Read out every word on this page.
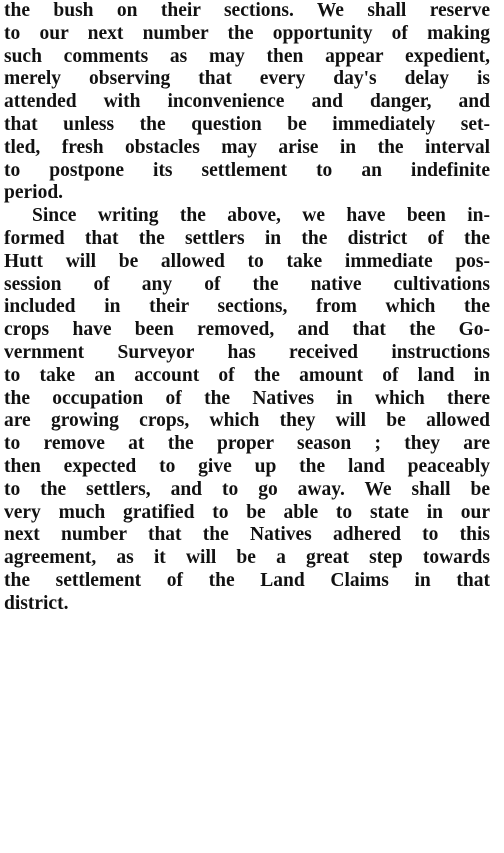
the bush on their sections. We shall reserve
to our next number the opportunity of making
such comments as may then appear expedient,
merely observing that every day's delay is
attended with inconvenience and danger, and
that unless the question be immediately set-
tled, fresh obstacles may arise in the interval
to postpone its settlement to an indefinite
period.
Since writing the above, we have been in-
formed that the settlers in the district of the
Hutt will be allowed to take immediate pos-
session of any of the native cultivations
included in their sections, from which the
crops have been removed, and that the Go-
vernment Surveyor has received instructions
to take an account of the amount of land in
the occupation of the Natives in which there
are growing crops, which they will be allowed
to remove at the proper season ; they are
then expected to give up the land peaceably
to the settlers, and to go away. We shall be
very much gratified to be able to state in our
next number that the Natives adhered to this
agreement, as it will be a great step towards
the settlement of the Land Claims in that
district.
